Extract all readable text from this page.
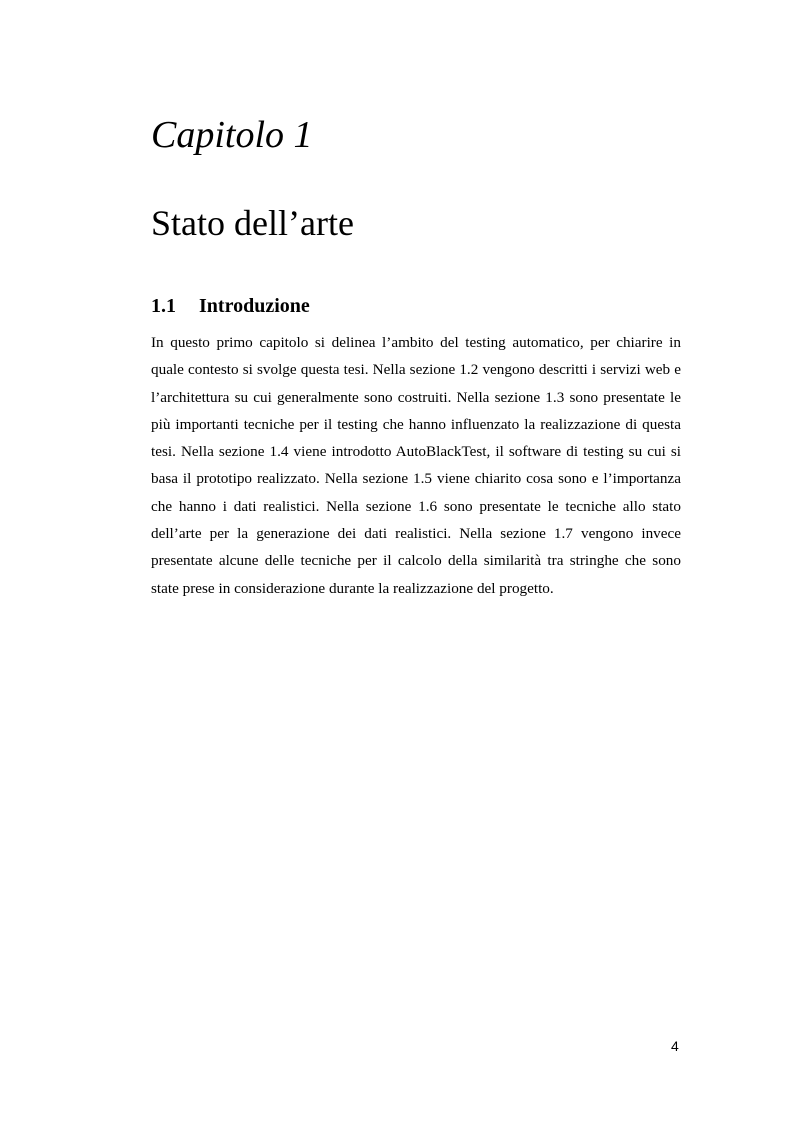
Capitolo 1
Stato dell’arte
1.1 Introduzione

In questo primo capitolo si delinea l’ambito del testing automatico, per chiarire in quale contesto si svolge questa tesi. Nella sezione 1.2 vengono descritti i servizi web e l’architettura su cui generalmente sono costruiti. Nella sezione 1.3 sono presentate le più importanti tecniche per il testing che hanno influenzato la realizzazione di questa tesi. Nella sezione 1.4 viene introdotto AutoBlackTest, il software di testing su cui si basa il prototipo realizzato. Nella sezione 1.5 viene chiarito cosa sono e l’importanza che hanno i dati realistici. Nella sezione 1.6 sono presentate le tecniche allo stato dell’arte per la generazione dei dati realistici. Nella sezione 1.7 vengono invece presentate alcune delle tecniche per il calcolo della similarità tra stringhe che sono state prese in considerazione durante la realizzazione del progetto.

4
